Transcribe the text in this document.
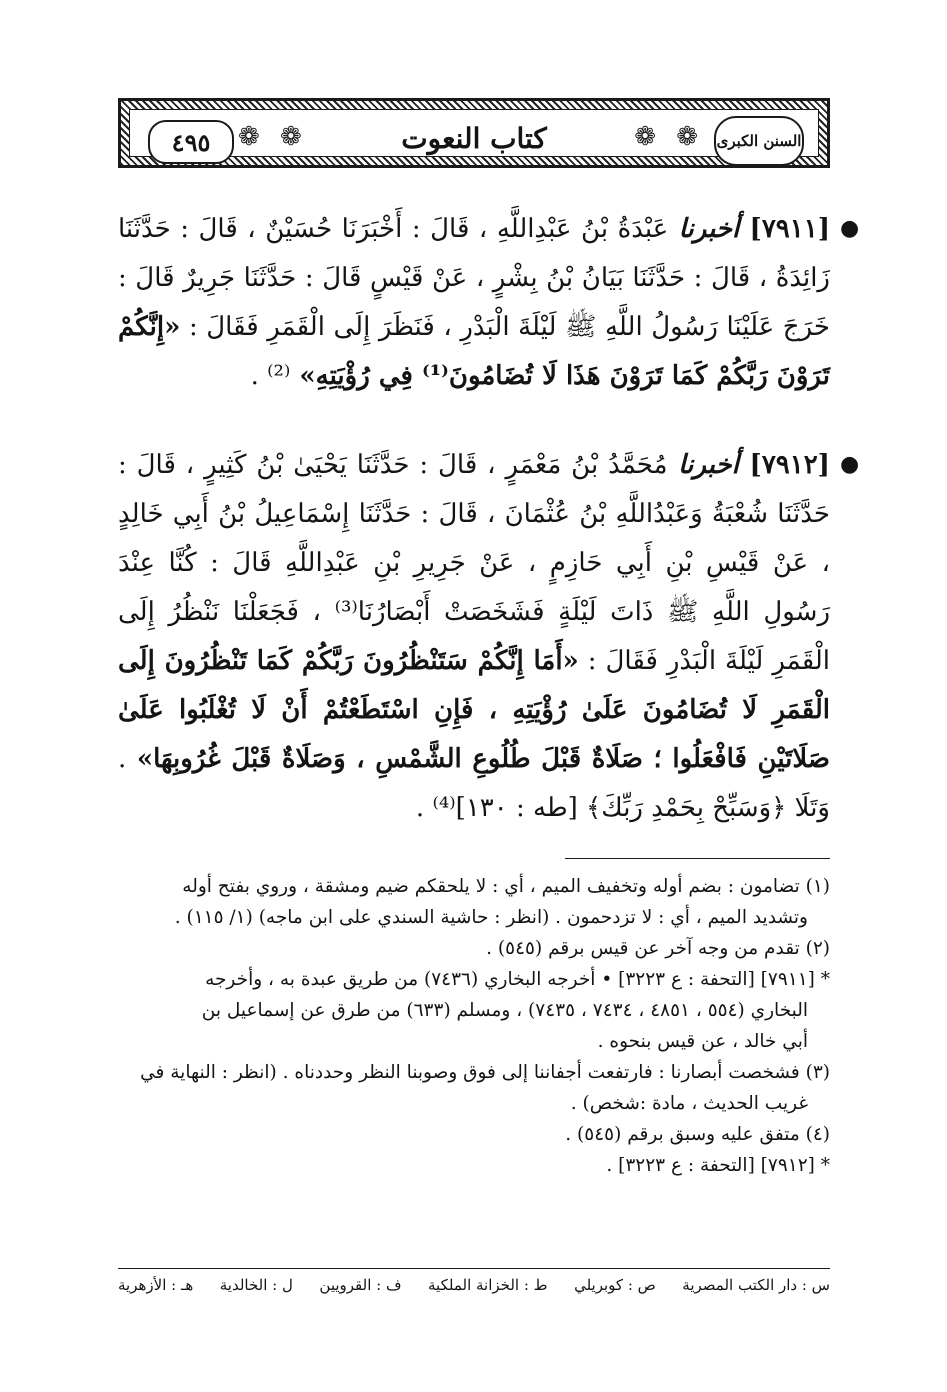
❁ ❁	❁
❁
٤٩٥	كتاب النعوت	السنن الكبرى
●
[٧٩١١] أخبرنا عَبْدَةُ بْنُ عَبْدِاللَّهِ ، قَالَ : أَخْبَرَنَا حُسَيْنٌ ، قَالَ : حَدَّثَنَا زَائِدَةُ ، قَالَ : حَدَّثَنَا بَيَانُ بْنُ بِشْرٍ ، عَنْ قَيْسٍ قَالَ : حَدَّثَنَا جَرِيرٌ قَالَ : خَرَجَ عَلَيْنَا رَسُولُ اللَّهِ ﷺ لَيْلَةَ الْبَدْرِ ، فَنَظَرَ إِلَى الْقَمَرِ فَقَالَ : «إِنَّكُمْ تَرَوْنَ رَبَّكُمْ كَمَا تَرَوْنَ هَذَا لَا تُضَامُونَ⁽¹⁾ فِي رُؤْيَتِهِ» ⁽²⁾ .
●
[٧٩١٢] أخبرنا مُحَمَّدُ بْنُ مَعْمَرٍ ، قَالَ : حَدَّثَنَا يَحْيَىٰ بْنُ كَثِيرٍ ، قَالَ : حَدَّثَنَا شُعْبَةُ وَعَبْدُاللَّهِ بْنُ عُثْمَانَ ، قَالَ : حَدَّثَنَا إِسْمَاعِيلُ بْنُ أَبِي خَالِدٍ ، عَنْ قَيْسِ بْنِ أَبِي حَازِمٍ ، عَنْ جَرِيرِ بْنِ عَبْدِاللَّهِ قَالَ : كُنَّا عِنْدَ رَسُولِ اللَّهِ ﷺ ذَاتَ لَيْلَةٍ فَشَخَصَتْ أَبْصَارُنَا⁽³⁾ ، فَجَعَلْنَا نَنْظُرُ إِلَى الْقَمَرِ لَيْلَةَ الْبَدْرِ فَقَالَ : «أَمَا إِنَّكُمْ سَتَنْظُرُونَ رَبَّكُمْ كَمَا تَنْظُرُونَ إِلَى الْقَمَرِ لَا تُضَامُونَ عَلَىٰ رُؤْيَتِهِ ، فَإِنِ اسْتَطَعْتُمْ أَنْ لَا تُغْلَبُوا عَلَىٰ صَلَاتَيْنِ فَافْعَلُوا ؛ صَلَاةٌ قَبْلَ طُلُوعِ الشَّمْسِ ، وَصَلَاةٌ قَبْلَ غُرُوبِهَا» . وَتَلَا ﴿وَسَبِّحْ بِحَمْدِ رَبِّكَ﴾ [طه : ١٣٠]⁽⁴⁾ .

(١) تضامون : بضم أوله وتخفيف الميم ، أي : لا يلحقكم ضيم ومشقة ، وروي بفتح أوله

وتشديد الميم ، أي : لا تزدحمون . (انظر : حاشية السندي على ابن ماجه) (١/ ١١٥) .

(٢) تقدم من وجه آخر عن قيس برقم (٥٤٥) .

* [٧٩١١] [التحفة : ع ٣٢٢٣] • أخرجه البخاري (٧٤٣٦) من طريق عبدة به ، وأخرجه

البخاري (٥٥٤ ، ٤٨٥١ ، ٧٤٣٤ ، ٧٤٣٥) ، ومسلم (٦٣٣) من طرق عن إسماعيل بن

أبي خالد ، عن قيس بنحوه .

(٣) فشخصت أبصارنا : فارتفعت أجفاننا إلى فوق وصوبنا النظر وحددناه . (انظر : النهاية في

غريب الحديث ، مادة :شخص) .

(٤) متفق عليه وسبق برقم (٥٤٥) .

* [٧٩١٢] [التحفة : ع ٣٢٢٣] .

س : دار الكتب المصرية
ص : كوبريلي
ط : الخزانة الملكية
ف : القرويين
ل : الخالدية
هـ : الأزهرية
